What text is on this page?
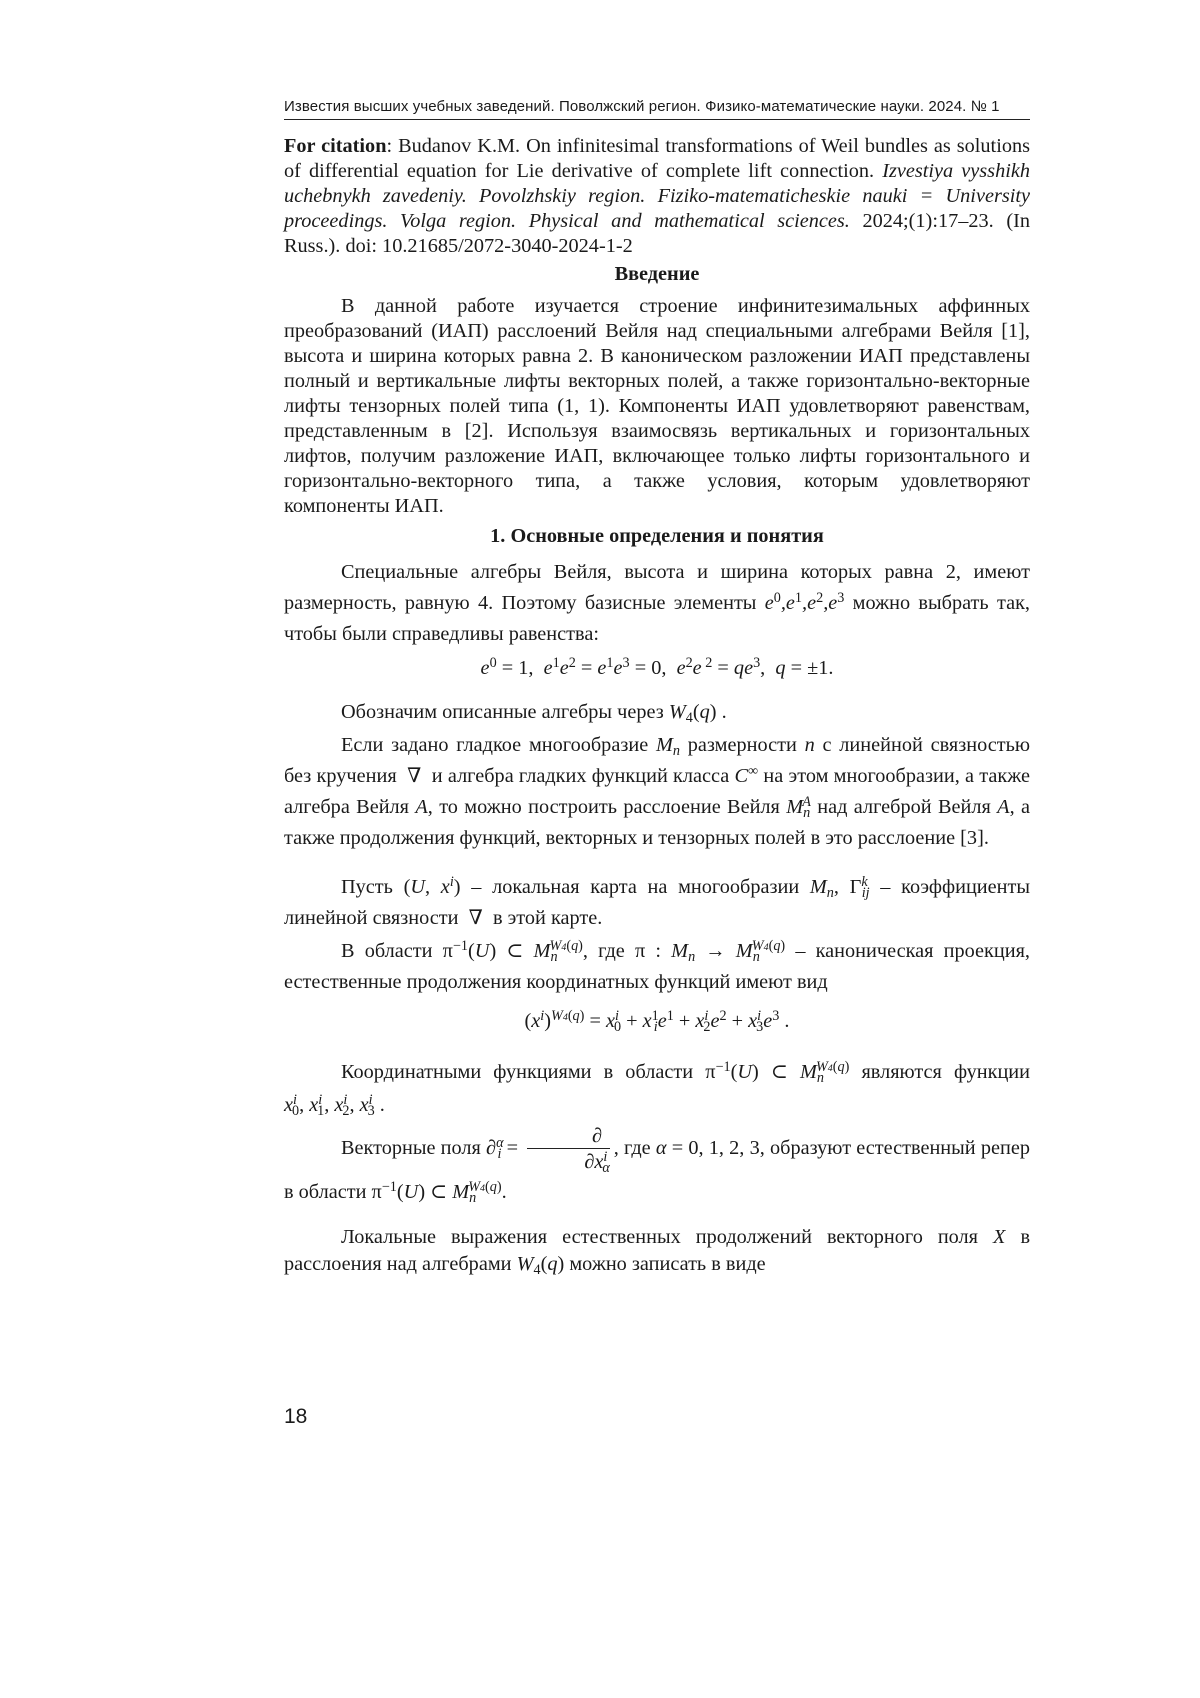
Известия высших учебных заведений. Поволжский регион. Физико-математические науки. 2024. № 1

For citation: Budanov K.M. On infinitesimal transformations of Weil bundles as solutions of differential equation for Lie derivative of complete lift connection. Izvestiya vysshikh uchebnykh zavedeniy. Povolzhskiy region. Fiziko-matematicheskie nauki = University proceedings. Volga region. Physical and mathematical sciences. 2024;(1):17–23. (In Russ.). doi: 10.21685/2072-3040-2024-1-2

Введение

В данной работе изучается строение инфинитезимальных аффинных преобразований (ИАП) расслоений Вейля над специальными алгебрами Вейля [1], высота и ширина которых равна 2. В каноническом разложении ИАП представлены полный и вертикальные лифты векторных полей, а также горизонтально-векторные лифты тензорных полей типа (1, 1). Компоненты ИАП удовлетворяют равенствам, представленным в [2]. Используя взаимосвязь вертикальных и горизонтальных лифтов, получим разложение ИАП, включающее только лифты горизонтального и горизонтально-векторного типа, а также условия, которым удовлетворяют компоненты ИАП.

1. Основные определения и понятия

Специальные алгебры Вейля, высота и ширина которых равна 2, имеют размерность, равную 4. Поэтому базисные элементы $e^0,e^1,e^2,e^3$ можно выбрать так, чтобы были справедливы равенства:

$e^0 = 1$,  $e^1e^2 = e^1e^3 = 0$,  $e^2e$ $^2 = qe^3$,  q = ±1.

Обозначим описанные алгебры через $W_4(q)$ .

Если задано гладкое многообразие $M_n$ размерности n с линейной связностью без кручения  ∇  и алгебра гладких функций класса C∞ на этом многообразии, а также алгебра Вейля A, то можно построить расслоение Вейля $M_n^A$ над алгеброй Вейля A, а также продолжения функций, векторных и тензорных полей в это расслоение [3].

Пусть (U, $x^i$) – локальная карта на многообразии $M_n$, $\Gamma^k_{ij}$ – коэффициенты линейной связности  ∇  в этой карте.

В области $\pi^{-1}(U)$ ⊂ $M_n^{W4(q)}$, где π : $M_n \to M_n^{W4(q)}$ – каноническая проекция, естественные продолжения координатных функций имеют вид

$(x^i)^{W4(q)} = x^i_0 + x^1_ie^1 + x^i_2e^2 + x^i_3e^3$ .

Координатными функциями в области $\pi^{-1}(U)$ ⊂ $M_n^{W4(q)}$ являются функции $x^i_0$, $x^i_1$, $x^i_2$, $x^i_3$ .

Векторные поля $\partial^\alpha_i = \frac{\partial}{\partial x^i_\alpha}$ , где α = 0, 1, 2, 3, образуют естественный репер в области $\pi^{-1}(U)$ ⊂ $M_n^{W4(q)}$.

Локальные выражения естественных продолжений векторного поля X в расслоения над алгебрами $W_4(q)$ можно записать в виде

18
